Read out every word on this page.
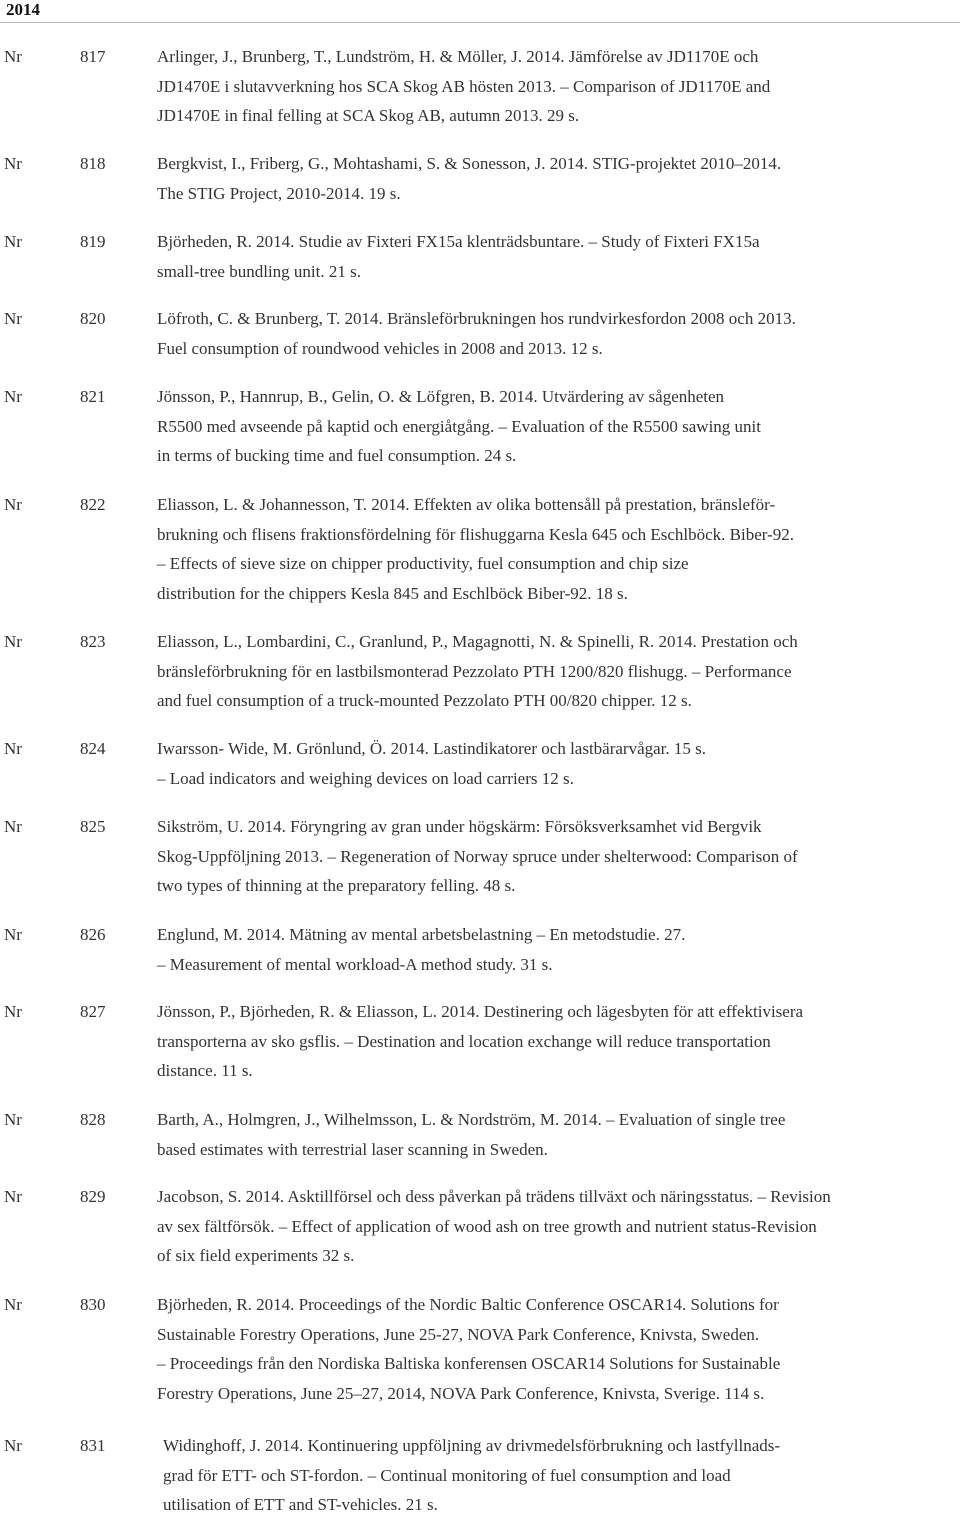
2014
Nr	817	Arlinger, J., Brunberg, T., Lundström, H. & Möller, J. 2014. Jämförelse av JD1170E och
JD1470E i slutavverkning hos SCA Skog AB hösten 2013. – Comparison of JD1170E and
JD1470E in final felling at SCA Skog AB, autumn 2013. 29 s.
Nr	818	Bergkvist, I., Friberg, G., Mohtashami, S. & Sonesson, J. 2014. STIG-projektet 2010–2014.
The STIG Project, 2010-2014. 19 s.
Nr	819	Björheden, R. 2014. Studie av Fixteri FX15a klenträdsbuntare. – Study of Fixteri FX15a
small-tree bundling unit. 21 s.
Nr	820	Löfroth, C. & Brunberg, T. 2014. Bränsleförbrukningen hos rundvirkesfordon 2008 och 2013.
Fuel consumption of roundwood vehicles in 2008 and 2013. 12 s.
Nr	821	Jönsson, P., Hannrup, B., Gelin, O. & Löfgren, B. 2014. Utvärdering av sågenheten
R5500 med avseende på kaptid och energiåtgång. – Evaluation of the R5500 sawing unit
in terms of bucking time and fuel consumption. 24 s.
Nr	822	Eliasson, L. & Johannesson, T. 2014. Effekten av olika bottensåll på prestation, bränsleför-
brukning och flisens fraktionsfördelning för flishuggarna Kesla 645 och Eschlböck. Biber-92.
– Effects of sieve size on chipper productivity, fuel consumption and chip size
distribution for the chippers Kesla 845 and Eschlböck Biber-92. 18 s.
Nr	823	Eliasson, L., Lombardini, C., Granlund, P., Magagnotti, N. & Spinelli, R. 2014. Prestation och
bränsleförbrukning för en lastbilsmonterad Pezzolato PTH 1200/820 flishugg. – Performance
and fuel consumption of a truck-mounted Pezzolato PTH 00/820 chipper. 12 s.
Nr	824	Iwarsson- Wide, M. Grönlund, Ö. 2014. Lastindikatorer och lastbärarvågar. 15 s.
– Load indicators and weighing devices on load carriers 12 s.
Nr	825	Sikström, U. 2014. Föryngring av gran under högskärm: Försöksverksamhet vid Bergvik
Skog-Uppföljning 2013. – Regeneration of Norway spruce under shelterwood: Comparison of
two types of thinning at the preparatory felling. 48 s.
Nr	826	Englund, M. 2014. Mätning av mental arbetsbelastning – En metodstudie. 27.
– Measurement of mental workload-A method study. 31 s.
Nr	827	Jönsson, P., Björheden, R. & Eliasson, L. 2014. Destinering och lägesbyten för att effektivisera
transporterna av sko gsflis. – Destination and location exchange will reduce transportation
distance. 11 s.
Nr	828	Barth, A., Holmgren, J., Wilhelmsson, L. & Nordström, M. 2014. – Evaluation of single tree
based estimates with terrestrial laser scanning in Sweden.
Nr	829	Jacobson, S. 2014. Asktillförsel och dess påverkan på trädens tillväxt och näringsstatus. – Revision
av sex fältförsök. – Effect of application of wood ash on tree growth and nutrient status-Revision
of six field experiments 32 s.
Nr	830	Björheden, R. 2014. Proceedings of the Nordic Baltic Conference OSCAR14. Solutions for
Sustainable Forestry Operations, June 25-27, NOVA Park Conference, Knivsta, Sweden.
– Proceedings från den Nordiska Baltiska konferensen OSCAR14 Solutions for Sustainable
Forestry Operations, June 25–27, 2014, NOVA Park Conference, Knivsta, Sverige. 114 s.
Nr	831	Widinghoff, J. 2014. Kontinuering uppföljning av drivmedelsförbrukning och lastfyllnads-
grad för ETT- och ST-fordon. – Continual monitoring of fuel consumption and load
utilisation of ETT and ST-vehicles. 21 s.
